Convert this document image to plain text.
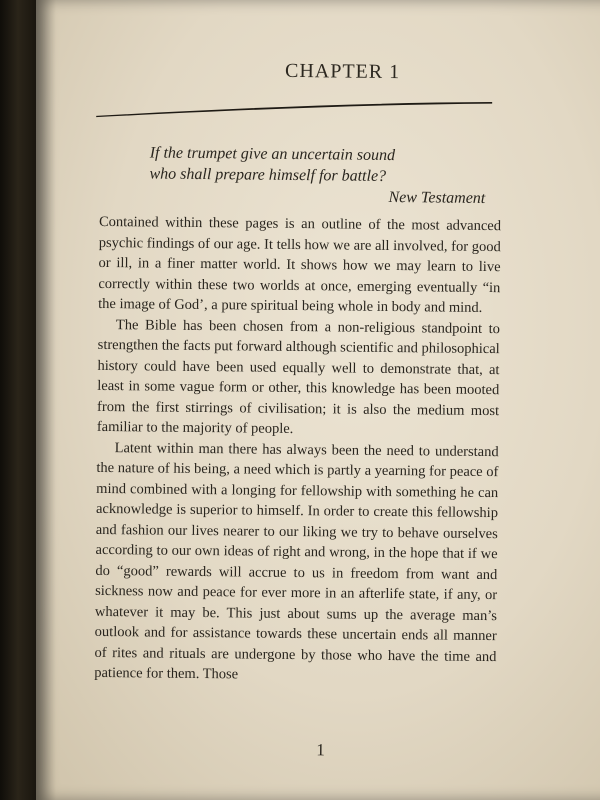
CHAPTER 1
If the trumpet give an uncertain sound
who shall prepare himself for battle?
New Testament

Contained within these pages is an outline of the most advanced psychic findings of our age. It tells how we are all involved, for good or ill, in a finer matter world. It shows how we may learn to live correctly within these two worlds at once, emerging eventually “in the image of God’, a pure spiritual being whole in body and mind.

The Bible has been chosen from a non-religious standpoint to strengthen the facts put forward although scientific and philosophical history could have been used equally well to demonstrate that, at least in some vague form or other, this knowledge has been mooted from the first stirrings of civilisation; it is also the medium most familiar to the majority of people.

Latent within man there has always been the need to understand the nature of his being, a need which is partly a yearning for peace of mind combined with a longing for fellowship with something he can acknowledge is superior to himself. In order to create this fellowship and fashion our lives nearer to our liking we try to behave ourselves according to our own ideas of right and wrong, in the hope that if we do “good” rewards will accrue to us in freedom from want and sickness now and peace for ever more in an afterlife state, if any, or whatever it may be. This just about sums up the average man’s outlook and for assistance towards these uncertain ends all manner of rites and rituals are undergone by those who have the time and patience for them. Those

1
